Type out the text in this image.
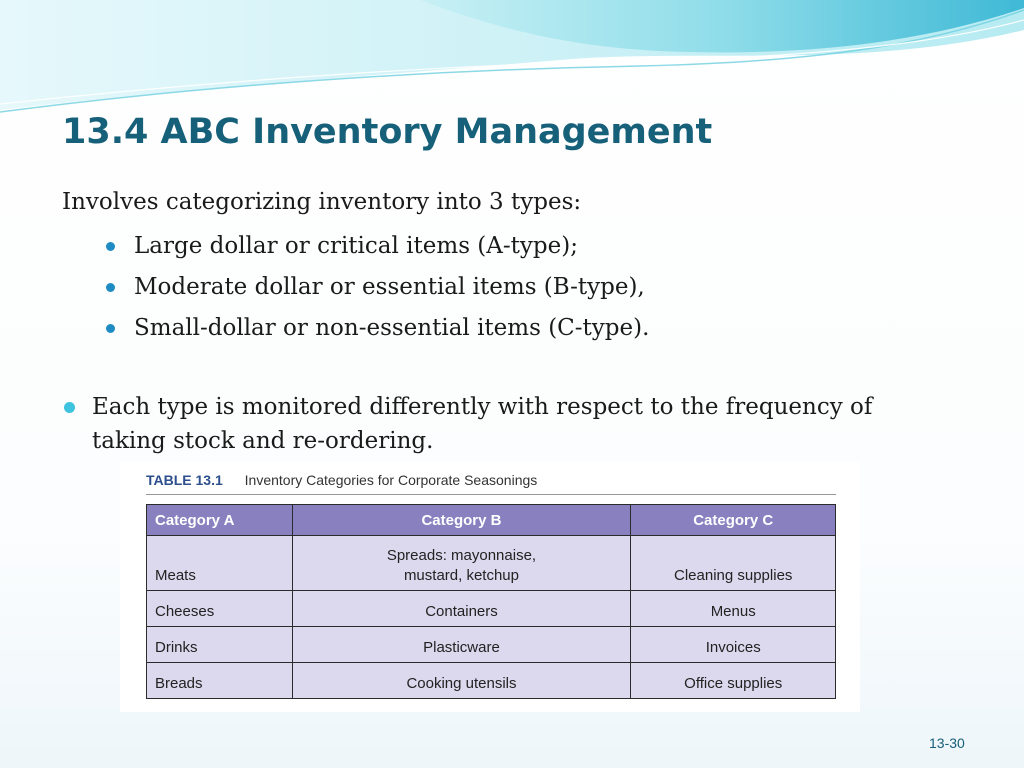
13.4 ABC Inventory Management

Involves categorizing inventory into 3 types:

Large dollar or critical items (A-type);
Moderate dollar or essential items (B-type),
Small-dollar or non-essential items (C-type).
Each type is monitored differently with respect to the frequency of taking stock and re-ordering.
TABLE 13.1 Inventory Categories for Corporate Seasonings
Category A	Category B	Category C
Meats	Spreads: mayonnaise, mustard, ketchup	Cleaning supplies
Cheeses	Containers	Menus
Drinks	Plasticware	Invoices
Breads	Cooking utensils	Office supplies
13-30
